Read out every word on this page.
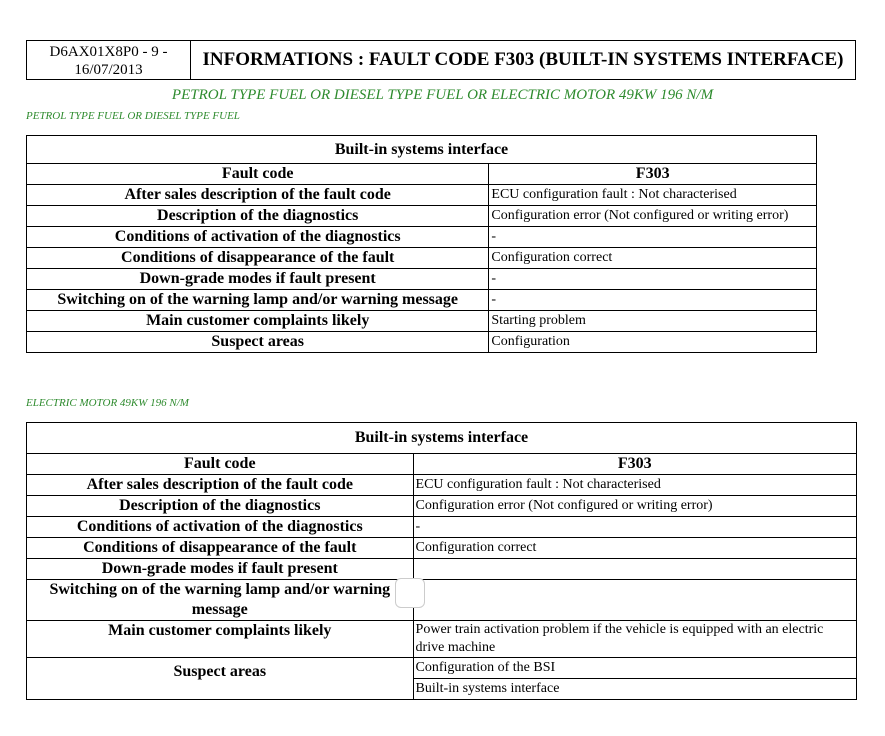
D6AX01X8P0 - 9 -
16/07/2013	INFORMATIONS : FAULT CODE F303 (BUILT-IN SYSTEMS INTERFACE)
PETROL TYPE FUEL OR DIESEL TYPE FUEL OR ELECTRIC MOTOR 49KW 196 N/M
PETROL TYPE FUEL OR DIESEL TYPE FUEL
Built-in systems interface	
Fault code	F303
After sales description of the fault code	ECU configuration fault : Not characterised
Description of the diagnostics	Configuration error (Not configured or writing error)
Conditions of activation of the diagnostics	-
Conditions of disappearance of the fault	Configuration correct
Down-grade modes if fault present	-
Switching on of the warning lamp and/or warning message	-
Main customer complaints likely	Starting problem
Suspect areas	Configuration
ELECTRIC MOTOR 49KW 196 N/M
Built-in systems interface	
Fault code	F303
After sales description of the fault code	ECU configuration fault : Not characterised
Description of the diagnostics	Configuration error (Not configured or writing error)
Conditions of activation of the diagnostics	-
Conditions of disappearance of the fault	Configuration correct
Down-grade modes if fault present	
Switching on of the warning lamp and/or warning message	
Main customer complaints likely	Power train activation problem if the vehicle is equipped with an electric drive machine
Suspect areas	Configuration of the BSI
	Built-in systems interface
